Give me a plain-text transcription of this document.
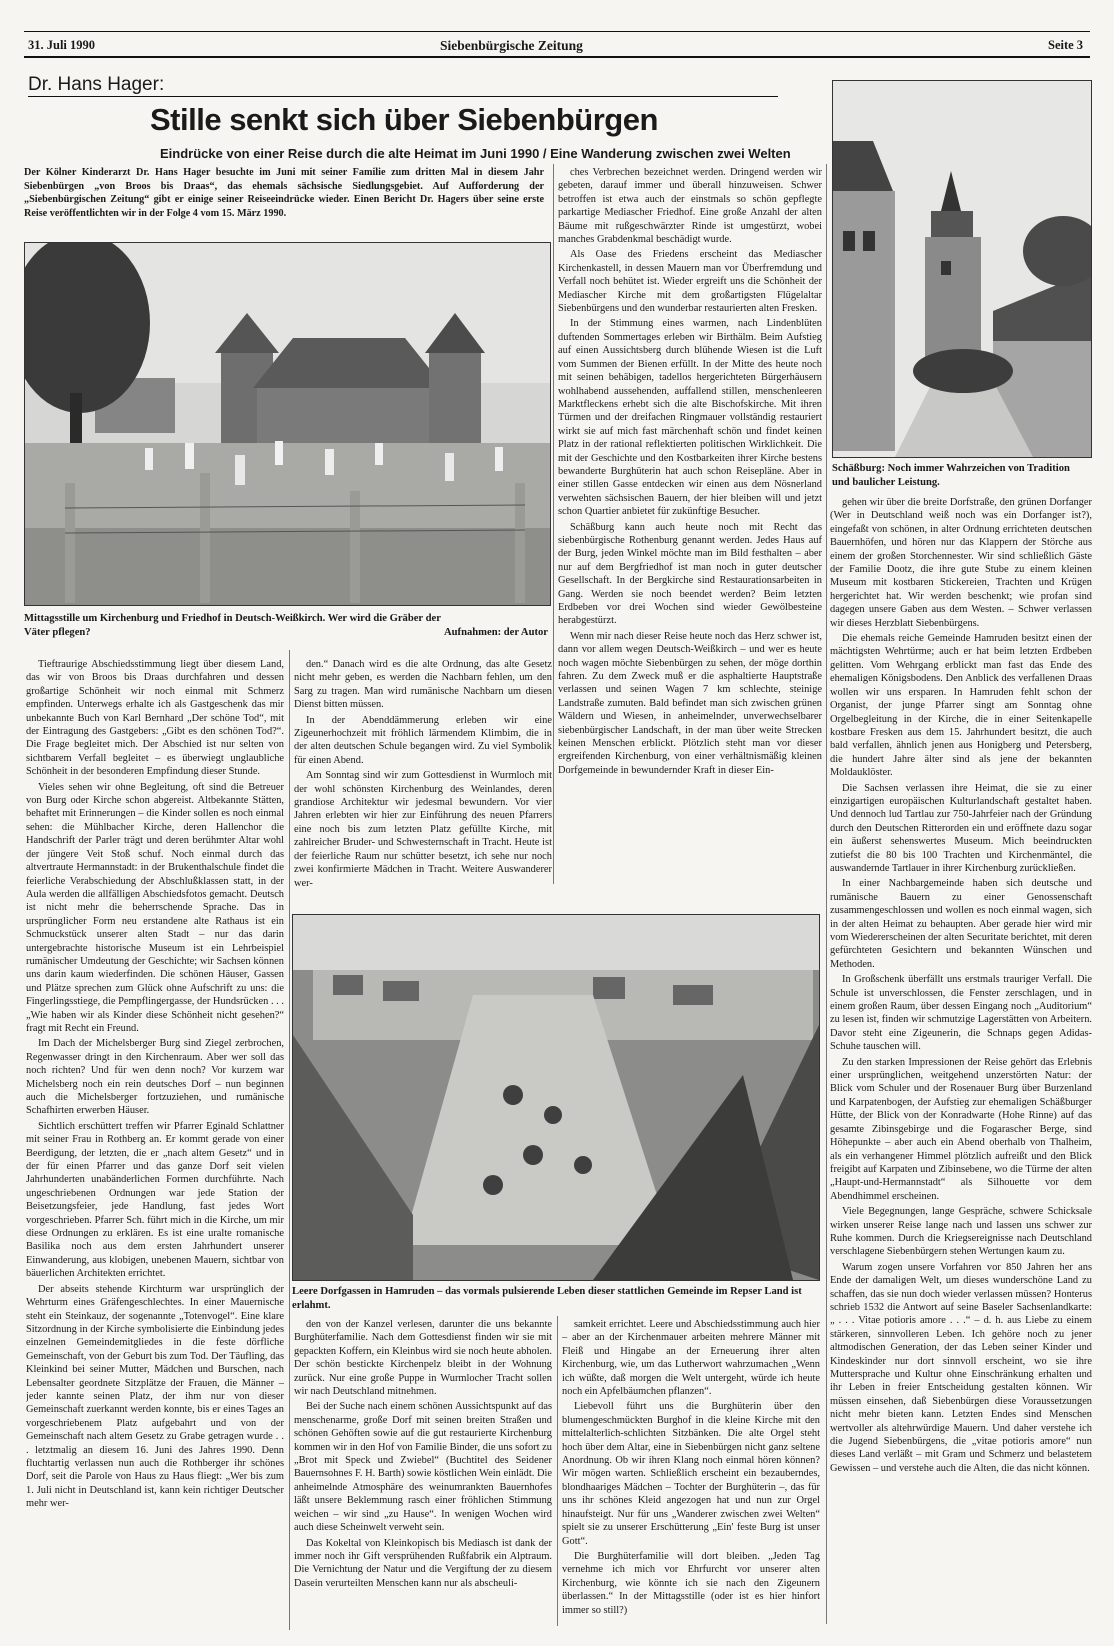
31. Juli 1990	Siebenbürgische Zeitung	Seite 3
Dr. Hans Hager:
Stille senkt sich über Siebenbürgen
Eindrücke von einer Reise durch die alte Heimat im Juni 1990 / Eine Wanderung zwischen zwei Welten
Der Kölner Kinderarzt Dr. Hans Hager besuchte im Juni mit seiner Familie zum dritten Mal in diesem Jahr Siebenbürgen „von Broos bis Draas“, das ehemals sächsische Siedlungsgebiet. Auf Aufforderung der „Siebenbürgischen Zeitung“ gibt er einige seiner Reiseeindrücke wieder. Einen Bericht Dr. Hagers über seine erste Reise veröffentlichten wir in der Folge 4 vom 15. März 1990.
Mittagsstille um Kirchenburg und Friedhof in Deutsch-Weißkirch. Wer wird die Gräber der Väter pflegen?	Aufnahmen: der Autor
Schäßburg: Noch immer Wahrzeichen von Tradition und baulicher Leistung.
Leere Dorfgassen in Hamruden – das vormals pulsierende Leben dieser stattlichen Gemeinde im Repser Land ist erlahmt.

ches Verbrechen bezeichnet werden. Dringend werden wir gebeten, darauf immer und überall hinzuweisen. Schwer betroffen ist etwa auch der einstmals so schön gepflegte parkartige Mediascher Friedhof. Eine große Anzahl der alten Bäume mit rußgeschwärzter Rinde ist umgestürzt, wobei manches Grabdenkmal beschädigt wurde.

Als Oase des Friedens erscheint das Mediascher Kirchenkastell, in dessen Mauern man vor Überfremdung und Verfall noch behütet ist. Wieder ergreift uns die Schönheit der Mediascher Kirche mit dem großartigsten Flügelaltar Siebenbürgens und den wunderbar restaurierten alten Fresken.

In der Stimmung eines warmen, nach Lindenblüten duftenden Sommertages erleben wir Birthälm. Beim Aufstieg auf einen Aussichtsberg durch blühende Wiesen ist die Luft vom Summen der Bienen erfüllt. In der Mitte des heute noch mit seinen behäbigen, tadellos hergerichteten Bürgerhäusern wohlhabend aussehenden, auffallend stillen, menschenleeren Marktfleckens erhebt sich die alte Bischofskirche. Mit ihren Türmen und der dreifachen Ringmauer vollständig restauriert wirkt sie auf mich fast märchenhaft schön und findet keinen Platz in der rational reflektierten politischen Wirklichkeit. Die mit der Geschichte und den Kostbarkeiten ihrer Kirche bestens bewanderte Burghüterin hat auch schon Reisepläne. Aber in einer stillen Gasse entdecken wir einen aus dem Nösnerland verwehten sächsischen Bauern, der hier bleiben will und jetzt schon Quartier anbietet für zukünftige Besucher.

Schäßburg kann auch heute noch mit Recht das siebenbürgische Rothenburg genannt werden. Jedes Haus auf der Burg, jeden Winkel möchte man im Bild festhalten – aber nur auf dem Bergfriedhof ist man noch in guter deutscher Gesellschaft. In der Bergkirche sind Restaurationsarbeiten in Gang. Werden sie noch beendet werden? Beim letzten Erdbeben vor drei Wochen sind wieder Gewölbesteine herabgestürzt.

Wenn mir nach dieser Reise heute noch das Herz schwer ist, dann vor allem wegen Deutsch-Weißkirch – und wer es heute noch wagen möchte Siebenbürgen zu sehen, der möge dorthin fahren. Zu dem Zweck muß er die asphaltierte Hauptstraße verlassen und seinen Wagen 7 km schlechte, steinige Landstraße zumuten. Bald befindet man sich zwischen grünen Wäldern und Wiesen, in anheimelnder, unverwechselbarer siebenbürgischer Landschaft, in der man über weite Strecken keinen Menschen erblickt. Plötzlich steht man vor dieser ergreifenden Kirchenburg, von einer verhältnismäßig kleinen Dorfgemeinde in bewundernder Kraft in dieser Ein-

gehen wir über die breite Dorfstraße, den grünen Dorfanger (Wer in Deutschland weiß noch was ein Dorfanger ist?), eingefaßt von schönen, in alter Ordnung errichteten deutschen Bauernhöfen, und hören nur das Klappern der Störche aus einem der großen Storchennester. Wir sind schließlich Gäste der Familie Dootz, die ihre gute Stube zu einem kleinen Museum mit kostbaren Stickereien, Trachten und Krügen hergerichtet hat. Wir werden beschenkt; wie profan sind dagegen unsere Gaben aus dem Westen. – Schwer verlassen wir dieses Herzblatt Siebenbürgens.

Die ehemals reiche Gemeinde Hamruden besitzt einen der mächtigsten Wehrtürme; auch er hat beim letzten Erdbeben gelitten. Vom Wehrgang erblickt man fast das Ende des ehemaligen Königsbodens. Den Anblick des verfallenen Draas wollen wir uns ersparen. In Hamruden fehlt schon der Organist, der junge Pfarrer singt am Sonntag ohne Orgelbegleitung in der Kirche, die in einer Seitenkapelle kostbare Fresken aus dem 15. Jahrhundert besitzt, die auch bald verfallen, ähnlich jenen aus Honigberg und Petersberg, die hundert Jahre älter sind als jene der bekannten Moldauklöster.

Die Sachsen verlassen ihre Heimat, die sie zu einer einzigartigen europäischen Kulturlandschaft gestaltet haben. Und dennoch lud Tartlau zur 750-Jahrfeier nach der Gründung durch den Deutschen Ritterorden ein und eröffnete dazu sogar ein äußerst sehenswertes Museum. Mich beeindruckten zutiefst die 80 bis 100 Trachten und Kirchenmäntel, die auswandernde Tartlauer in ihrer Kirchenburg zurückließen.

In einer Nachbargemeinde haben sich deutsche und rumänische Bauern zu einer Genossenschaft zusammengeschlossen und wollen es noch einmal wagen, sich in der alten Heimat zu behaupten. Aber gerade hier wird mir vom Wiedererscheinen der alten Securitate berichtet, mit deren gefürchteten Gesichtern und bekannten Wünschen und Methoden.

In Großschenk überfällt uns erstmals trauriger Verfall. Die Schule ist unverschlossen, die Fenster zerschlagen, und in einem großen Raum, über dessen Eingang noch „Auditorium“ zu lesen ist, finden wir schmutzige Lagerstätten von Arbeitern. Davor steht eine Zigeunerin, die Schnaps gegen Adidas-Schuhe tauschen will.

Zu den starken Impressionen der Reise gehört das Erlebnis einer ursprünglichen, weitgehend unzerstörten Natur: der Blick vom Schuler und der Rosenauer Burg über Burzenland und Karpatenbogen, der Aufstieg zur ehemaligen Schäßburger Hütte, der Blick von der Konradwarte (Hohe Rinne) auf das gesamte Zibinsgebirge und die Fogarascher Berge, sind Höhepunkte – aber auch ein Abend oberhalb von Thalheim, als ein verhangener Himmel plötzlich aufreißt und den Blick freigibt auf Karpaten und Zibinsebene, wo die Türme der alten „Haupt-und-Hermannstadt“ als Silhouette vor dem Abendhimmel erscheinen.

Viele Begegnungen, lange Gespräche, schwere Schicksale wirken unserer Reise lange nach und lassen uns schwer zur Ruhe kommen. Durch die Kriegsereignisse nach Deutschland verschlagene Siebenbürgern stehen Wertungen kaum zu.

Warum zogen unsere Vorfahren vor 850 Jahren her ans Ende der damaligen Welt, um dieses wunderschöne Land zu schaffen, das sie nun doch wieder verlassen müssen? Honterus schrieb 1532 die Antwort auf seine Baseler Sachsenlandkarte: „ . . . Vitae potioris amore . . .“ – d. h. aus Liebe zu einem stärkeren, sinnvolleren Leben. Ich gehöre noch zu jener altmodischen Generation, der das Leben seiner Kinder und Kindeskinder nur dort sinnvoll erscheint, wo sie ihre Muttersprache und Kultur ohne Einschränkung erhalten und ihr Leben in freier Entscheidung gestalten können. Wir müssen einsehen, daß Siebenbürgen diese Voraussetzungen nicht mehr bieten kann. Letzten Endes sind Menschen wertvoller als altehrwürdige Mauern. Und daher verstehe ich die Jugend Siebenbürgens, die „vitae potioris amore“ nun dieses Land verläßt – mit Gram und Schmerz und belastetem Gewissen – und verstehe auch die Alten, die das nicht können.

Tieftraurige Abschiedsstimmung liegt über diesem Land, das wir von Broos bis Draas durchfahren und dessen großartige Schönheit wir noch einmal mit Schmerz empfinden. Unterwegs erhalte ich als Gastgeschenk das mir unbekannte Buch von Karl Bernhard „Der schöne Tod“, mit der Eintragung des Gastgebers: „Gibt es den schönen Tod?“. Die Frage begleitet mich. Der Abschied ist nur selten von sichtbarem Verfall begleitet – es überwiegt unglaubliche Schönheit in der besonderen Empfindung dieser Stunde.

Vieles sehen wir ohne Begleitung, oft sind die Betreuer von Burg oder Kirche schon abgereist. Altbekannte Stätten, behaftet mit Erinnerungen – die Kinder sollen es noch einmal sehen: die Mühlbacher Kirche, deren Hallenchor die Handschrift der Parler trägt und deren berühmter Altar wohl der jüngere Veit Stoß schuf. Noch einmal durch das altvertraute Hermannstadt: in der Brukenthalschule findet die feierliche Verabschiedung der Abschlußklassen statt, in der Aula werden die allfälligen Abschiedsfotos gemacht. Deutsch ist nicht mehr die beherrschende Sprache. Das in ursprünglicher Form neu erstandene alte Rathaus ist ein Schmuckstück unserer alten Stadt – nur das darin untergebrachte historische Museum ist ein Lehrbeispiel rumänischer Umdeutung der Geschichte; wir Sachsen können uns darin kaum wiederfinden. Die schönen Häuser, Gassen und Plätze sprechen zum Glück ohne Aufschrift zu uns: die Fingerlingsstiege, die Pempflingergasse, der Hundsrücken . . . „Wie haben wir als Kinder diese Schönheit nicht gesehen?“ fragt mit Recht ein Freund.

Im Dach der Michelsberger Burg sind Ziegel zerbrochen, Regenwasser dringt in den Kirchenraum. Aber wer soll das noch richten? Und für wen denn noch? Vor kurzem war Michelsberg noch ein rein deutsches Dorf – nun beginnen auch die Michelsberger fortzuziehen, und rumänische Schafhirten erwerben Häuser.

Sichtlich erschüttert treffen wir Pfarrer Eginald Schlattner mit seiner Frau in Rothberg an. Er kommt gerade von einer Beerdigung, der letzten, die er „nach altem Gesetz“ und in der für einen Pfarrer und das ganze Dorf seit vielen Jahrhunderten unabänderlichen Formen durchführte. Nach ungeschriebenen Ordnungen war jede Station der Beisetzungsfeier, jede Handlung, fast jedes Wort vorgeschrieben. Pfarrer Sch. führt mich in die Kirche, um mir diese Ordnungen zu erklären. Es ist eine uralte romanische Basilika noch aus dem ersten Jahrhundert unserer Einwanderung, aus klobigen, unebenen Mauern, sichtbar von bäuerlichen Architekten errichtet.

Der abseits stehende Kirchturm war ursprünglich der Wehrturm eines Gräfengeschlechtes. In einer Mauernische steht ein Steinkauz, der sogenannte „Totenvogel“. Eine klare Sitzordnung in der Kirche symbolisierte die Einbindung jedes einzelnen Gemeindemitgliedes in die feste dörfliche Gemeinschaft, von der Geburt bis zum Tod. Der Täufling, das Kleinkind bei seiner Mutter, Mädchen und Burschen, nach Lebensalter geordnete Sitzplätze der Frauen, die Männer – jeder kannte seinen Platz, der ihm nur von dieser Gemeinschaft zuerkannt werden konnte, bis er eines Tages an vorgeschriebenem Platz aufgebahrt und von der Gemeinschaft nach altem Gesetz zu Grabe getragen wurde . . . letztmalig an diesem 16. Juni des Jahres 1990. Denn fluchtartig verlassen nun auch die Rothberger ihr schönes Dorf, seit die Parole von Haus zu Haus fliegt: „Wer bis zum 1. Juli nicht in Deutschland ist, kann kein richtiger Deutscher mehr wer-

den.“ Danach wird es die alte Ordnung, das alte Gesetz nicht mehr geben, es werden die Nachbarn fehlen, um den Sarg zu tragen. Man wird rumänische Nachbarn um diesen Dienst bitten müssen.

In der Abenddämmerung erleben wir eine Zigeunerhochzeit mit fröhlich lärmendem Klimbim, die in der alten deutschen Schule begangen wird. Zu viel Symbolik für einen Abend.

Am Sonntag sind wir zum Gottesdienst in Wurmloch mit der wohl schönsten Kirchenburg des Weinlandes, deren grandiose Architektur wir jedesmal bewundern. Vor vier Jahren erlebten wir hier zur Einführung des neuen Pfarrers eine noch bis zum letzten Platz gefüllte Kirche, mit zahlreicher Bruder- und Schwesternschaft in Tracht. Heute ist der feierliche Raum nur schütter besetzt, ich sehe nur noch zwei konfirmierte Mädchen in Tracht. Weitere Auswanderer wer-

den von der Kanzel verlesen, darunter die uns bekannte Burghüterfamilie. Nach dem Gottesdienst finden wir sie mit gepackten Koffern, ein Kleinbus wird sie noch heute abholen. Der schön bestickte Kirchenpelz bleibt in der Wohnung zurück. Nur eine große Puppe in Wurmlocher Tracht sollen wir nach Deutschland mitnehmen.

Bei der Suche nach einem schönen Aussichtspunkt auf das menschenarme, große Dorf mit seinen breiten Straßen und schönen Gehöften sowie auf die gut restaurierte Kirchenburg kommen wir in den Hof von Familie Binder, die uns sofort zu „Brot mit Speck und Zwiebel“ (Buchtitel des Seidener Bauernsohnes F. H. Barth) sowie köstlichen Wein einlädt. Die anheimelnde Atmosphäre des weinumrankten Bauernhofes läßt unsere Beklemmung rasch einer fröhlichen Stimmung weichen – wir sind „zu Hause“. In wenigen Wochen wird auch diese Scheinwelt verweht sein.

Das Kokeltal von Kleinkopisch bis Mediasch ist dank der immer noch ihr Gift versprühenden Rußfabrik ein Alptraum. Die Vernichtung der Natur und die Vergiftung der zu diesem Dasein verurteilten Menschen kann nur als abscheuli-

samkeit errichtet. Leere und Abschiedsstimmung auch hier – aber an der Kirchenmauer arbeiten mehrere Männer mit Fleiß und Hingabe an der Erneuerung ihrer alten Kirchenburg, wie, um das Lutherwort wahrzumachen „Wenn ich wüßte, daß morgen die Welt untergeht, würde ich heute noch ein Apfelbäumchen pflanzen“.

Liebevoll führt uns die Burghüterin über den blumengeschmückten Burghof in die kleine Kirche mit den mittelalterlich-schlichten Sitzbänken. Die alte Orgel steht hoch über dem Altar, eine in Siebenbürgen nicht ganz seltene Anordnung. Ob wir ihren Klang noch einmal hören können? Wir mögen warten. Schließlich erscheint ein bezauberndes, blondhaariges Mädchen – Tochter der Burghüterin –, das für uns ihr schönes Kleid angezogen hat und nun zur Orgel hinaufsteigt. Nur für uns „Wanderer zwischen zwei Welten“ spielt sie zu unserer Erschütterung „Ein' feste Burg ist unser Gott“.

Die Burghüterfamilie will dort bleiben. „Jeden Tag vernehme ich mich vor Ehrfurcht vor unserer alten Kirchenburg, wie könnte ich sie nach den Zigeunern überlassen.“ In der Mittagsstille (oder ist es hier hinfort immer so still?)
